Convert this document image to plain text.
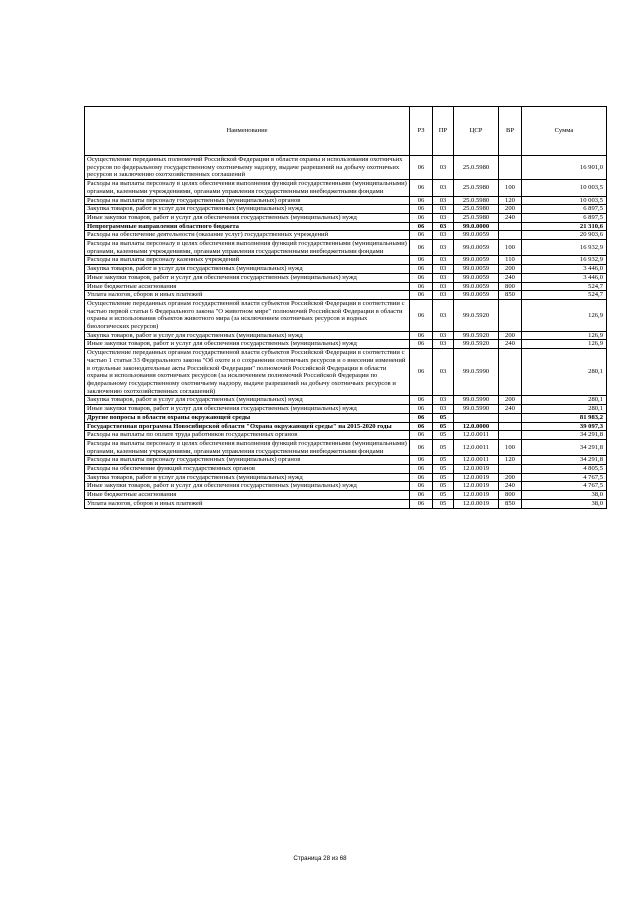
Наименование	РЗ	ПР	ЦСР	ВР	Сумма
Осуществление переданных полномочий Российской Федерации в области охраны и использования охотничьих ресурсов по федеральному государственному охотничьему надзору, выдаче разрешений на добычу охотничьих ресурсов и заключению охотхозяйственных соглашений	06	03	25.0.5980		16 901,0
Расходы на выплаты персоналу в целях обеспечения выполнения функций государственными (муниципальными) органами, казенными учреждениями, органами управления государственными внебюджетными фондами	06	03	25.0.5980	100	10 003,5
Расходы на выплаты персоналу государственных (муниципальных) органов	06	03	25.0.5980	120	10 003,5
Закупка товаров, работ и услуг для государственных (муниципальных) нужд	06	03	25.0.5980	200	6 897,5
Иные закупки товаров, работ и услуг для обеспечения государственных (муниципальных) нужд	06	03	25.0.5980	240	6 897,5
Непрограммные направления областного бюджета	06	03	99.0.0000		21 310,6
Расходы на обеспечение деятельности (оказание услуг) государственных учреждений	06	03	99.0.0059		20 903,6
Расходы на выплаты персоналу в целях обеспечения выполнения функций государственными (муниципальными) органами, казенными учреждениями, органами управления государственными внебюджетными фондами	06	03	99.0.0059	100	16 932,9
Расходы на выплаты персоналу казенных учреждений	06	03	99.0.0059	110	16 932,9
Закупка товаров, работ и услуг для государственных (муниципальных) нужд	06	03	99.0.0059	200	3 446,0
Иные закупки товаров, работ и услуг для обеспечения государственных (муниципальных) нужд	06	03	99.0.0059	240	3 446,0
Иные бюджетные ассигнования	06	03	99.0.0059	800	524,7
Уплата налогов, сборов и иных платежей	06	03	99.0.0059	850	524,7
Осуществление переданных органам государственной власти субъектов Российской Федерации в соответствии с частью первой статьи 6 Федерального закона "О животном мире" полномочий Российской Федерации в области охраны и использования объектов животного мира (за исключением охотничьих ресурсов и водных биологических ресурсов)	06	03	99.0.5920		126,9
Закупка товаров, работ и услуг для государственных (муниципальных) нужд	06	03	99.0.5920	200	126,9
Иные закупки товаров, работ и услуг для обеспечения государственных (муниципальных) нужд	06	03	99.0.5920	240	126,9
Осуществление переданных органам государственной власти субъектов Российской Федерации в соответствии с частью 1 статьи 33 Федерального закона "Об охоте и о сохранении охотничьих ресурсов и о внесении изменений в отдельные законодательные акты Российской Федерации" полномочий Российской Федерации в области охраны и использования охотничьих ресурсов (за исключением полномочий Российской Федерации по федеральному государственному охотничьему надзору, выдаче разрешений на добычу охотничьих ресурсов и заключению охотхозяйственных соглашений)	06	03	99.0.5990		280,1
Закупка товаров, работ и услуг для государственных (муниципальных) нужд	06	03	99.0.5990	200	280,1
Иные закупки товаров, работ и услуг для обеспечения государственных (муниципальных) нужд	06	03	99.0.5990	240	280,1
Другие вопросы в области охраны окружающей среды	06	05			81 983,2
Государственная программа Новосибирской области "Охрана окружающей среды" на 2015-2020 годы	06	05	12.0.0000		39 097,3
Расходы на выплаты по оплате труда работников государственных органов	06	05	12.0.0011		34 291,8
Расходы на выплаты персоналу в целях обеспечения выполнения функций государственными (муниципальными) органами, казенными учреждениями, органами управления государственными внебюджетными фондами	06	05	12.0.0011	100	34 291,8
Расходы на выплаты персоналу государственных (муниципальных) органов	06	05	12.0.0011	120	34 291,8
Расходы на обеспечение функций государственных органов	06	05	12.0.0019		4 805,5
Закупка товаров, работ и услуг для государственных (муниципальных) нужд	06	05	12.0.0019	200	4 767,5
Иные закупки товаров, работ и услуг для обеспечения государственных (муниципальных) нужд	06	05	12.0.0019	240	4 767,5
Иные бюджетные ассигнования	06	05	12.0.0019	800	38,0
Уплата налогов, сборов и иных платежей	06	05	12.0.0019	850	38,0
Страница 28 из 68
